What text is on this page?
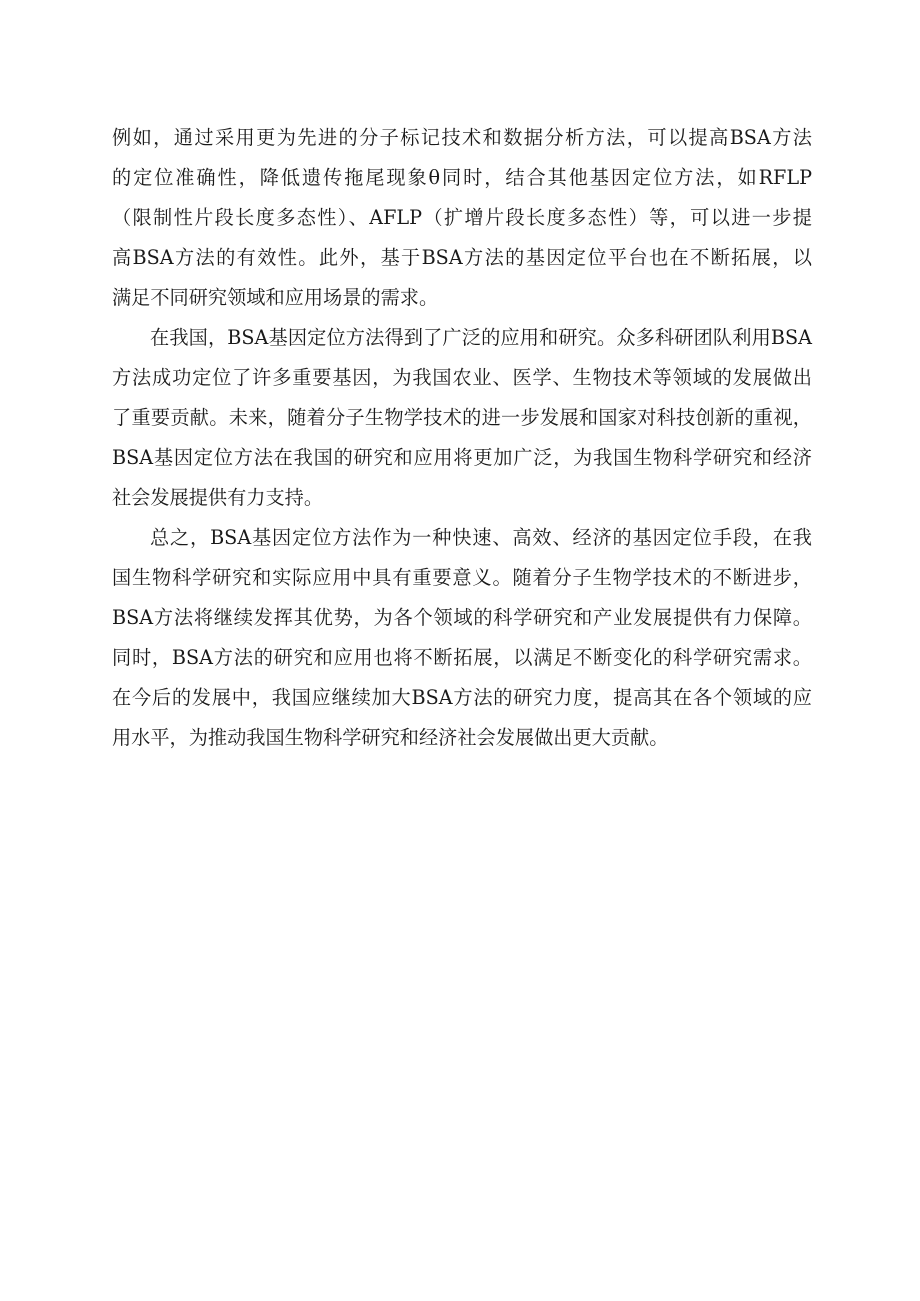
例如，通过采用更为先进的分子标记技术和数据分析方法，可以提高BSA方法
的定位准确性，降低遗传拖尾现象θ同时，结合其他基因定位方法，如RFLP
（限制性片段长度多态性）、AFLP（扩增片段长度多态性）等，可以进一步提
高BSA方法的有效性。此外，基于BSA方法的基因定位平台也在不断拓展，以
满足不同研究领域和应用场景的需求。

在我国，BSA基因定位方法得到了广泛的应用和研究。众多科研团队利用BSA
方法成功定位了许多重要基因，为我国农业、医学、生物技术等领域的发展做出
了重要贡献。未来，随着分子生物学技术的进一步发展和国家对科技创新的重视，
BSA基因定位方法在我国的研究和应用将更加广泛，为我国生物科学研究和经济
社会发展提供有力支持。

总之，BSA基因定位方法作为一种快速、高效、经济的基因定位手段，在我
国生物科学研究和实际应用中具有重要意义。随着分子生物学技术的不断进步，
BSA方法将继续发挥其优势，为各个领域的科学研究和产业发展提供有力保障。
同时，BSA方法的研究和应用也将不断拓展，以满足不断变化的科学研究需求。
在今后的发展中，我国应继续加大BSA方法的研究力度，提高其在各个领域的应
用水平，为推动我国生物科学研究和经济社会发展做出更大贡献。
